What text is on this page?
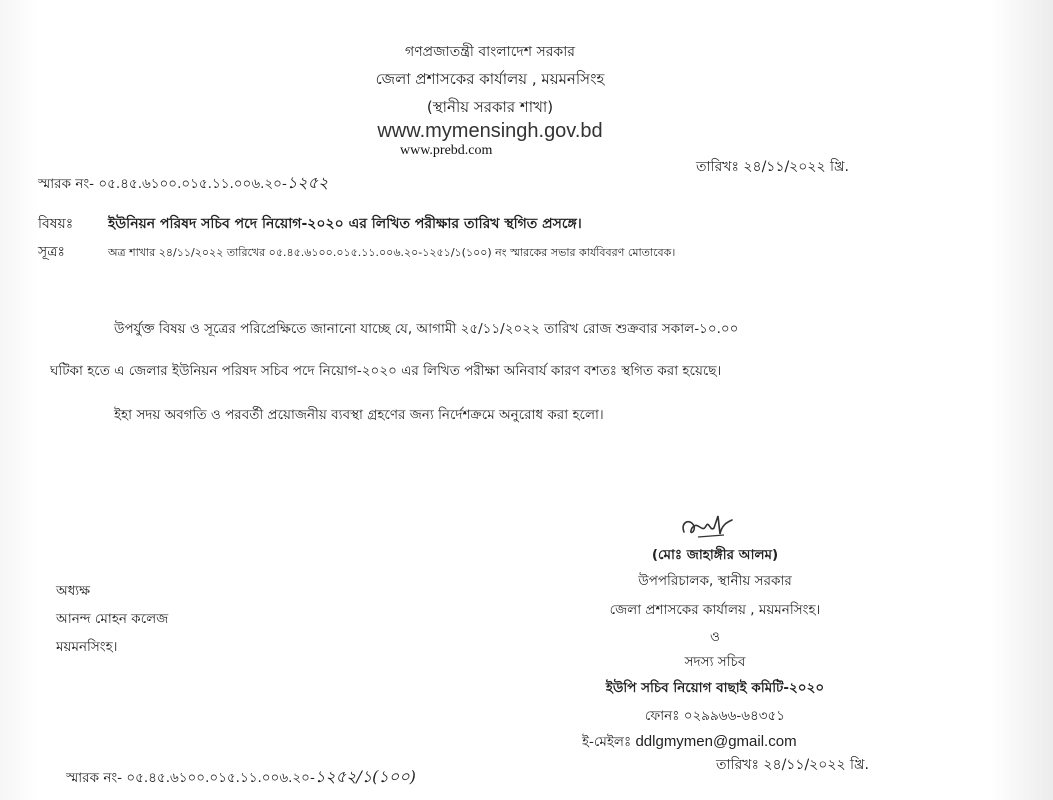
গণপ্রজাতন্ত্রী বাংলাদেশ সরকার
জেলা প্রশাসকের কার্যালয় , ময়মনসিংহ
(স্থানীয় সরকার শাখা)
www.mymensingh.gov.bd
www.prebd.com
স্মারক নং- ০৫.৪৫.৬১০০.০১৫.১১.০০৬.২০-১২৫২
তারিখঃ ২৪/১১/২০২২ খ্রি.
বিষয়ঃ ইউনিয়ন পরিষদ সচিব পদে নিয়োগ-২০২০ এর লিখিত পরীক্ষার তারিখ স্থগিত প্রসঙ্গে।
সূত্রঃ	অত্র শাখার ২৪/১১/২০২২ তারিখের ০৫.৪৫.৬১০০.০১৫.১১.০০৬.২০-১২৫১/১(১০০) নং স্মারকের সভার কার্যবিবরণ মোতাবেক।
উপর্যুক্ত বিষয় ও সূত্রের পরিপ্রেক্ষিতে জানানো যাচ্ছে যে, আগামী ২৫/১১/২০২২ তারিখ রোজ শুক্রবার সকাল-১০.০০
ঘটিকা হতে এ জেলার ইউনিয়ন পরিষদ সচিব পদে নিয়োগ-২০২০ এর লিখিত পরীক্ষা অনিবার্য কারণ বশতঃ স্থগিত করা হয়েছে।
ইহা সদয় অবগতি ও পরবর্তী প্রয়োজনীয় ব্যবস্থা গ্রহণের জন্য নির্দেশক্রমে অনুরোধ করা হলো।
(মোঃ জাহাঙ্গীর আলম)
উপপরিচালক, স্থানীয় সরকার
জেলা প্রশাসকের কার্যালয় , ময়মনসিংহ।
ও
সদস্য সচিব
ইউপি সচিব নিয়োগ বাছাই কমিটি-২০২০
ফোনঃ ০২৯৯৬৬-৬৪৩৫১
ই-মেইলঃ ddlgmymen@gmail.com
অধ্যক্ষ
আনন্দ মোহন কলেজ
ময়মনসিংহ।
স্মারক নং- ০৫.৪৫.৬১০০.০১৫.১১.০০৬.২০-১২৫২/১(১০০)
তারিখঃ ২৪/১১/২০২২ খ্রি.
